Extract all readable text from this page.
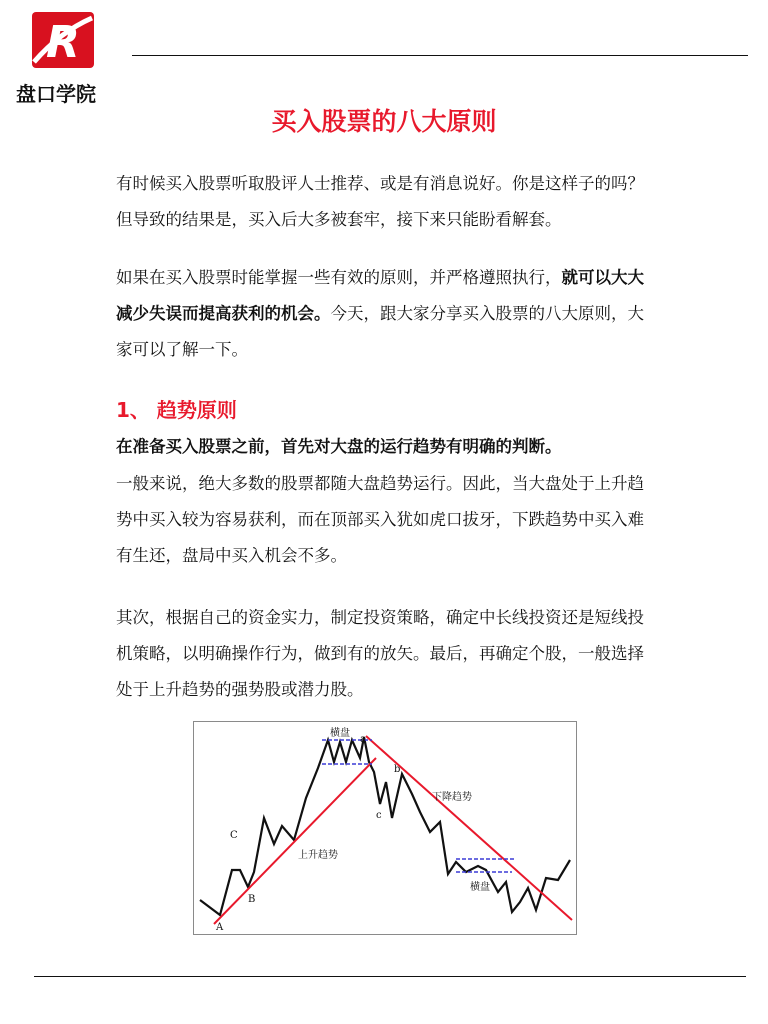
R
盘口学院
买入股票的八大原则

有时候买入股票听取股评人士推荐、或是有消息说好。你是这样子的吗？但导致的结果是，买入后大多被套牢，接下来只能盼看解套。

如果在买入股票时能掌握一些有效的原则，并严格遵照执行，就可以大大减少失误而提高获利的机会。今天，跟大家分享买入股票的八大原则，大家可以了解一下。

1、 趋势原则
在准备买入股票之前，首先对大盘的运行趋势有明确的判断。

一般来说，绝大多数的股票都随大盘趋势运行。因此，当大盘处于上升趋势中买入较为容易获利，而在顶部买入犹如虎口拔牙，下跌趋势中买入难有生还，盘局中买入机会不多。

其次，根据自己的资金实力，制定投资策略，确定中长线投资还是短线投机策略，以明确操作行为，做到有的放矢。最后，再确定个股，一般选择处于上升趋势的强势股或潜力股。

横盘
a
b
c
下降趋势
上升趋势
C
B
A
横盘
